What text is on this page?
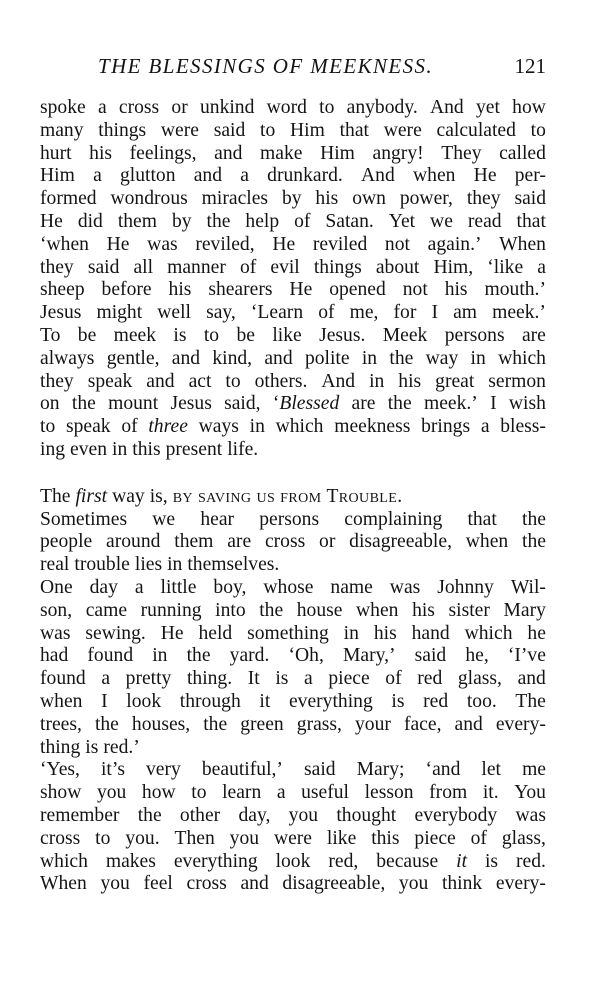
THE BLESSINGS OF MEEKNESS.	121
spoke a cross or unkind word to anybody. And yet how
many things were said to Him that were calculated to
hurt his feelings, and make Him angry! They called
Him a glutton and a drunkard. And when He per-
formed wondrous miracles by his own power, they said
He did them by the help of Satan. Yet we read that
‘when He was reviled, He reviled not again.’ When
they said all manner of evil things about Him, ‘like a
sheep before his shearers He opened not his mouth.’
Jesus might well say, ‘Learn of me, for I am meek.’
To be meek is to be like Jesus. Meek persons are
always gentle, and kind, and polite in the way in which
they speak and act to others. And in his great sermon
on the mount Jesus said, ‘Blessed are the meek.’ I wish
to speak of three ways in which meekness brings a bless-
ing even in this present life.
The first way is, by saving us from Trouble.
Sometimes we hear persons complaining that the
people around them are cross or disagreeable, when the
real trouble lies in themselves.
One day a little boy, whose name was Johnny Wil-
son, came running into the house when his sister Mary
was sewing. He held something in his hand which he
had found in the yard. ‘Oh, Mary,’ said he, ‘I’ve
found a pretty thing. It is a piece of red glass, and
when I look through it everything is red too. The
trees, the houses, the green grass, your face, and every-
thing is red.’
‘Yes, it’s very beautiful,’ said Mary; ‘and let me
show you how to learn a useful lesson from it. You
remember the other day, you thought everybody was
cross to you. Then you were like this piece of glass,
which makes everything look red, because it is red.
When you feel cross and disagreeable, you think every-
